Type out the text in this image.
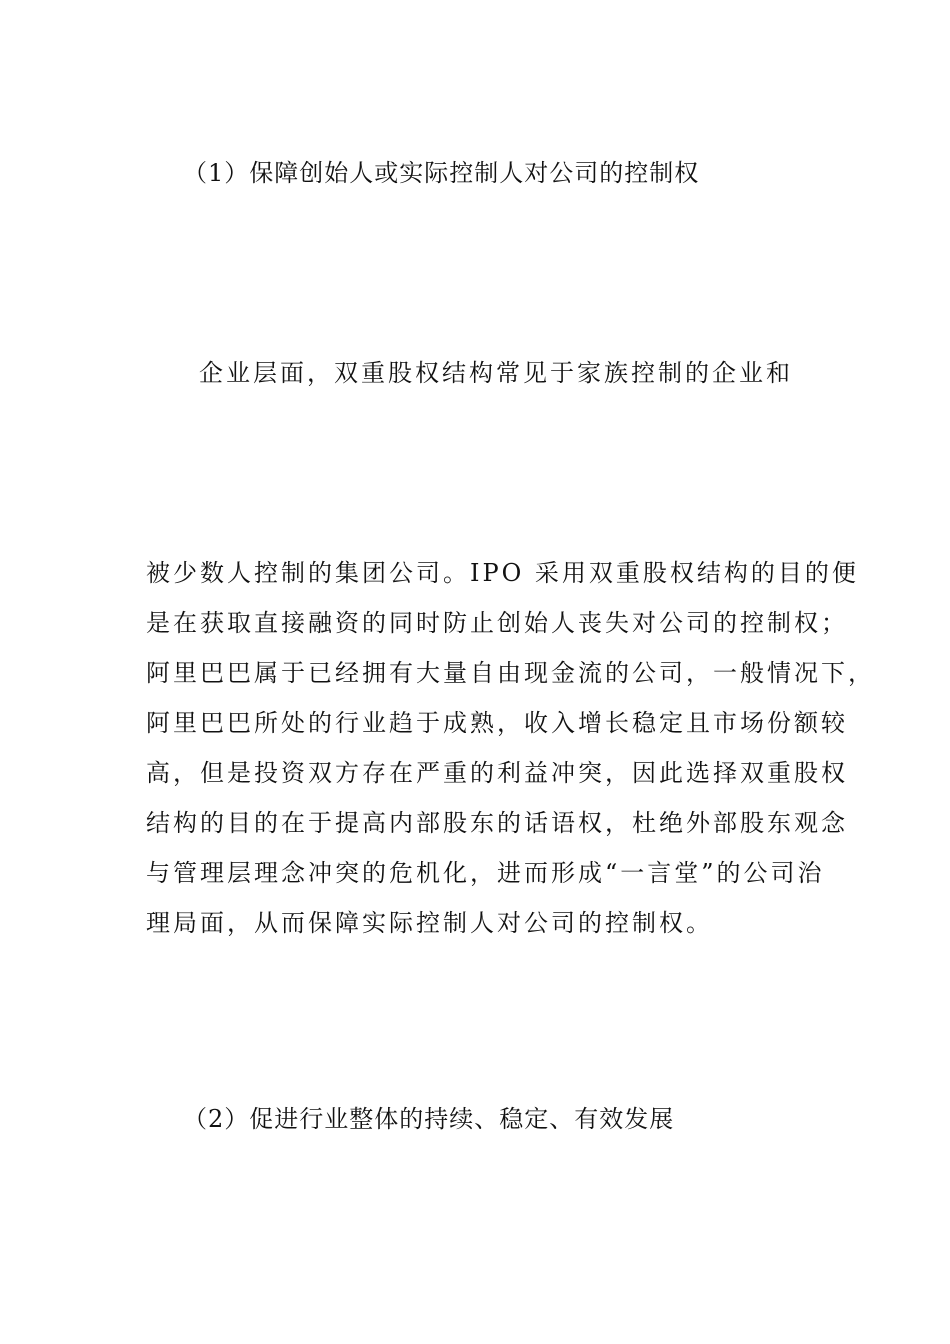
（1）保障创始人或实际控制人对公司的控制权
企业层面，双重股权结构常见于家族控制的企业和
被少数人控制的集团公司。IPO 采用双重股权结构的目的便
是在获取直接融资的同时防止创始人丧失对公司的控制权；
阿里巴巴属于已经拥有大量自由现金流的公司，一般情况下，
阿里巴巴所处的行业趋于成熟，收入增长稳定且市场份额较
高，但是投资双方存在严重的利益冲突，因此选择双重股权
结构的目的在于提高内部股东的话语权，杜绝外部股东观念
与管理层理念冲突的危机化，进而形成“一言堂”的公司治
理局面，从而保障实际控制人对公司的控制权。
（2）促进行业整体的持续、稳定、有效发展
